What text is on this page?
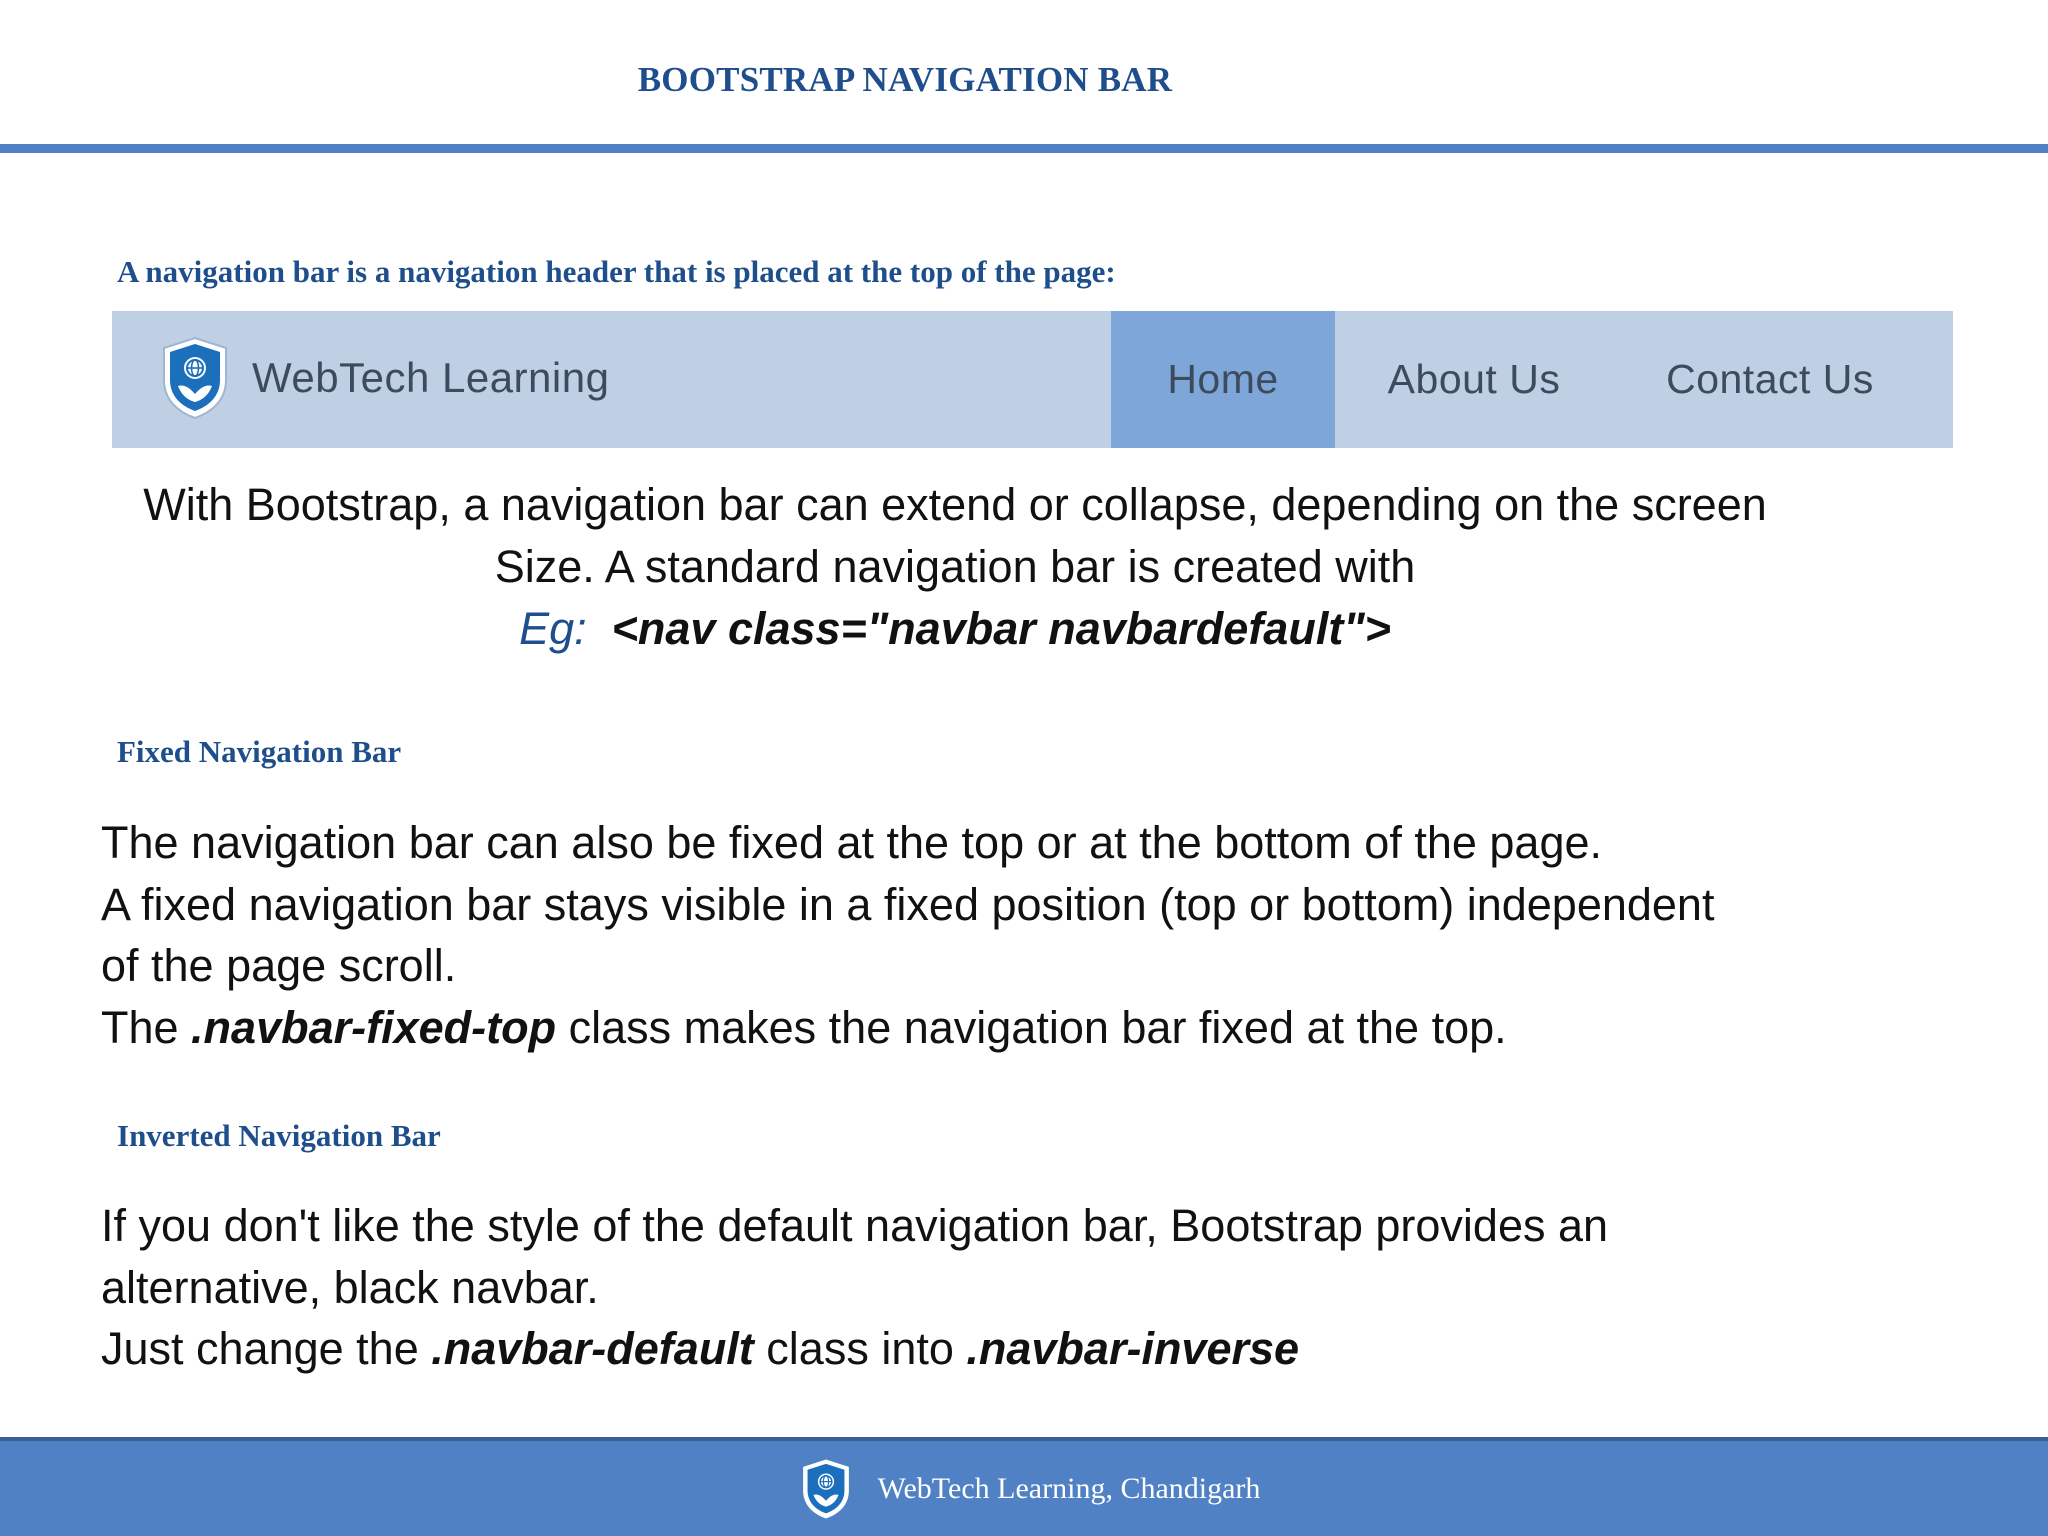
BOOTSTRAP NAVIGATION BAR
A navigation bar is a navigation header that is placed at the top of the page:
WebTech Learning	Home	About Us	Contact Us
With Bootstrap, a navigation bar can extend or collapse, depending on the screen
Size. A standard navigation bar is created with
Eg: <nav class="navbar navbardefault">
Fixed Navigation Bar
The navigation bar can also be fixed at the top or at the bottom of the page.
A fixed navigation bar stays visible in a fixed position (top or bottom) independent
of the page scroll.
The .navbar-fixed-top class makes the navigation bar fixed at the top.
Inverted Navigation Bar
If you don't like the style of the default navigation bar, Bootstrap provides an
alternative, black navbar.
Just change the .navbar-default class into .navbar-inverse
WebTech Learning, Chandigarh
